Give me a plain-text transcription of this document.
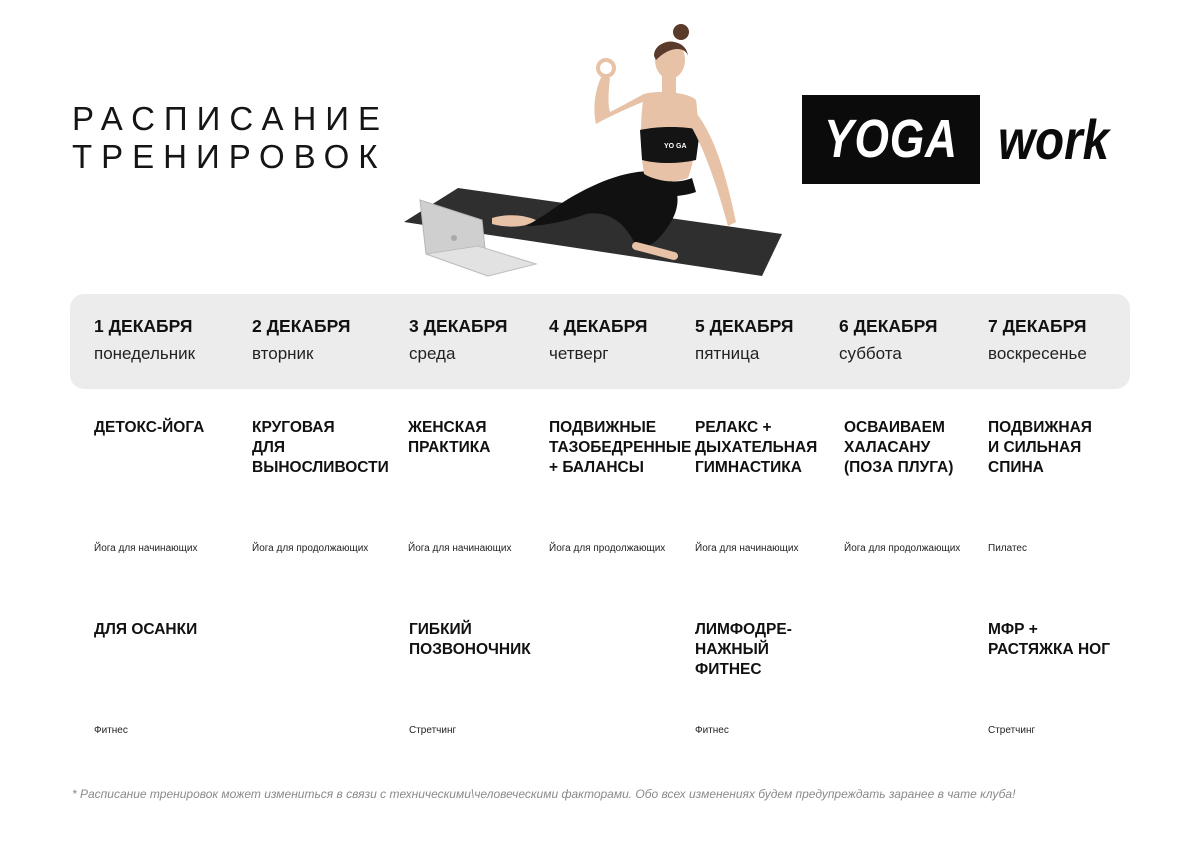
РАСПИСАНИЕ
ТРЕНИРОВОК	YO GA	YOGA work
1 ДЕКАБРЯ
понедельник
2 ДЕКАБРЯ
вторник
3 ДЕКАБРЯ
среда
4 ДЕКАБРЯ
четверг
5 ДЕКАБРЯ
пятница
6 ДЕКАБРЯ
суббота
7 ДЕКАБРЯ
воскресенье
ДЕТОКС-ЙОГА
Йога для начинающих
КРУГОВАЯ
ДЛЯ
ВЫНОСЛИВОСТИ
Йога для продолжающих
ЖЕНСКАЯ
ПРАКТИКА
Йога для начинающих
ПОДВИЖНЫЕ
ТАЗОБЕДРЕННЫЕ
+ БАЛАНСЫ
Йога для продолжающих
РЕЛАКС +
ДЫХАТЕЛЬНАЯ
ГИМНАСТИКА
Йога для начинающих
ОСВАИВАЕМ
ХАЛАСАНУ
(ПОЗА ПЛУГА)
Йога для продолжающих
ПОДВИЖНАЯ
И СИЛЬНАЯ
СПИНА
Пилатес
ДЛЯ ОСАНКИ
Фитнес
ГИБКИЙ
ПОЗВОНОЧНИК
Стретчинг
ЛИМФОДРЕ-
НАЖНЫЙ
ФИТНЕС
Фитнес
МФР +
РАСТЯЖКА НОГ
Стретчинг
* Расписание тренировок может измениться в связи с техническими\человеческими факторами. Обо всех изменениях будем предупреждать заранее в чате клуба!
